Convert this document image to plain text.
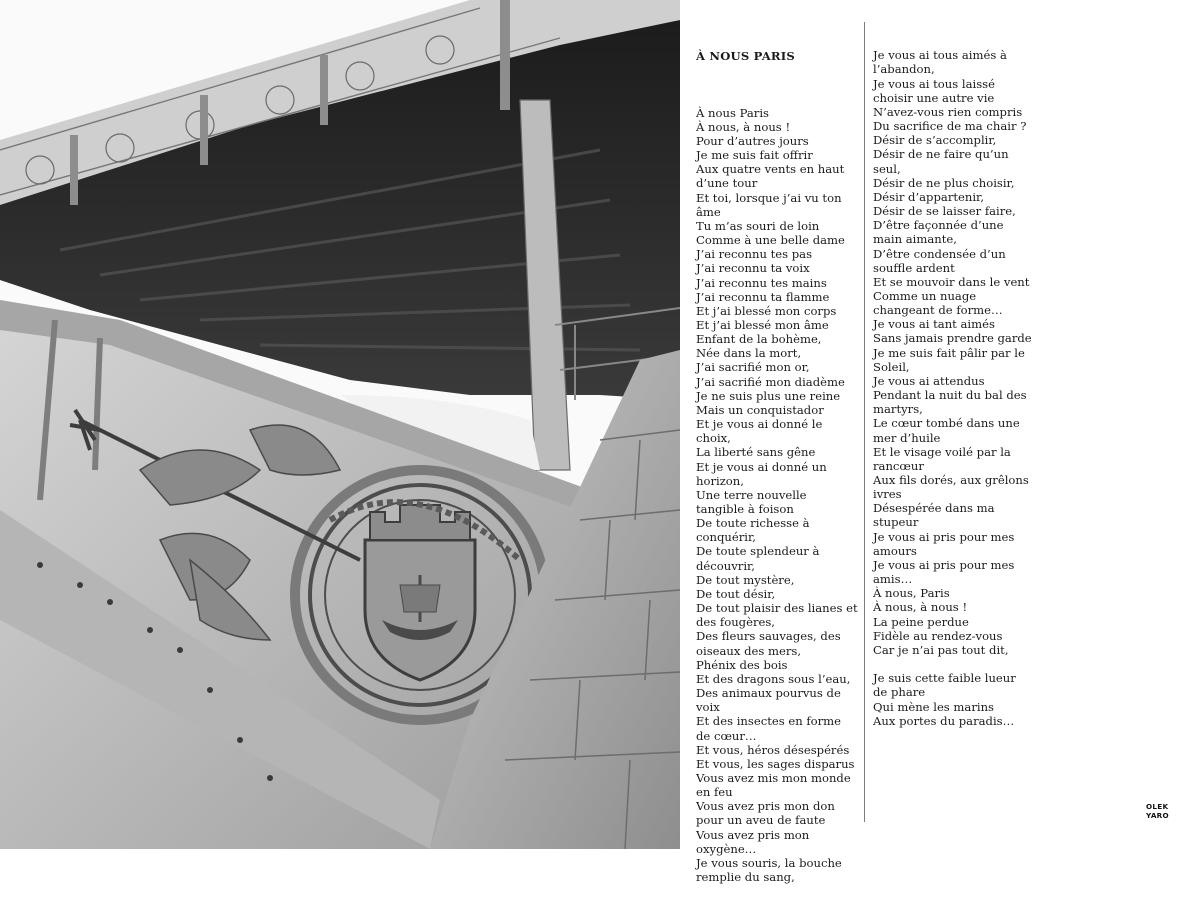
À NOUS PARIS

À nous Paris
À nous, à nous !
Pour d’autres jours
Je me suis fait offrir
Aux quatre vents en haut d’une tour
Et toi, lorsque j’ai vu ton âme
Tu m’as souri de loin
Comme à une belle dame
J’ai reconnu tes pas
J’ai reconnu ta voix
J’ai reconnu tes mains
J’ai reconnu ta flamme
Et j’ai blessé mon corps
Et j’ai blessé mon âme
Enfant de la bohème,
Née dans la mort,
J’ai sacrifié mon or,
J’ai sacrifié mon diadème
Je ne suis plus une reine
Mais un conquistador
Et je vous ai donné le choix,
La liberté sans gêne
Et je vous ai donné un horizon,
Une terre nouvelle tangible à foison
De toute richesse à conquérir,
De toute splendeur à découvrir,
De tout mystère,
De tout désir,
De tout plaisir des lianes et des fougères,
Des fleurs sauvages, des oiseaux des mers,
Phénix des bois
Et des dragons sous l’eau,
Des animaux pourvus de voix
Et des insectes en forme de cœur…
Et vous, héros désespérés
Et vous, les sages disparus
Vous avez mis mon monde en feu
Vous avez pris mon don pour un aveu de faute
Vous avez pris mon oxygène…
Je vous souris, la bouche remplie du sang,

Je vous ai tous aimés à l’abandon,
Je vous ai tous laissé choisir une autre vie
N’avez-vous rien compris
Du sacrifice de ma chair ?
Désir de s’accomplir,
Désir de ne faire qu’un seul,
Désir de ne plus choisir,
Désir d’appartenir,
Désir de se laisser faire,
D’être façonnée d’une main aimante,
D’être condensée d’un souffle ardent
Et se mouvoir dans le vent
Comme un nuage changeant de forme…
Je vous ai tant aimés
Sans jamais prendre garde
Je me suis fait pâlir par le Soleil,
Je vous ai attendus
Pendant la nuit du bal des martyrs,
Le cœur tombé dans une mer d’huile
Et le visage voilé par la rancœur
Aux fils dorés, aux grêlons ivres
Désespérée dans ma stupeur
Je vous ai pris pour mes amours
Je vous ai pris pour mes amis…
À nous, Paris
À nous, à nous !
La peine perdue
Fidèle au rendez-vous
Car je n’ai pas tout dit,

Je suis cette faible lueur de phare
Qui mène les marins
Aux portes du paradis…

OLEK
YARO
